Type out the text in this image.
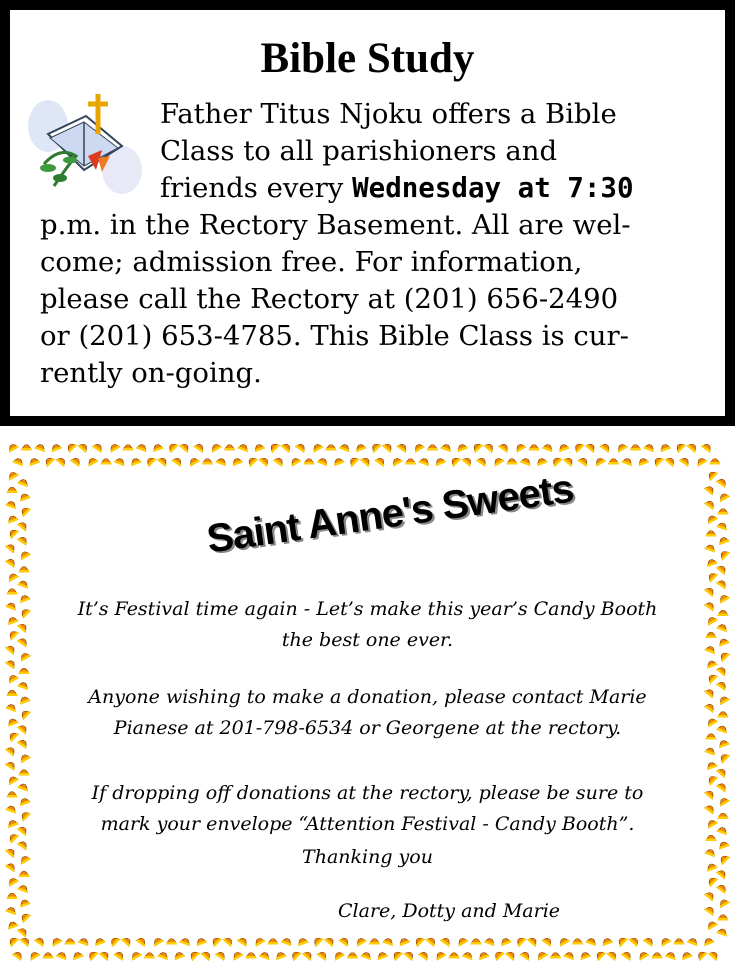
Bible Study
Father Titus Njoku offers a Bible
Class to all parishioners and
friends every Wednesday at 7:30
p.m. in the Rectory Basement. All are wel-
come; admission free. For information,
please call the Rectory at (201) 656-2490
or (201) 653-4785. This Bible Class is cur-
rently on-going.
Saint Anne's Sweets
It’s Festival time again - Let’s make this year’s Candy Booth
the best one ever.
Anyone wishing to make a donation, please contact Marie
Pianese at 201-798-6534 or Georgene at the rectory.
If dropping off donations at the rectory, please be sure to
mark your envelope “Attention Festival - Candy Booth”.
Thanking you
Clare, Dotty and Marie
